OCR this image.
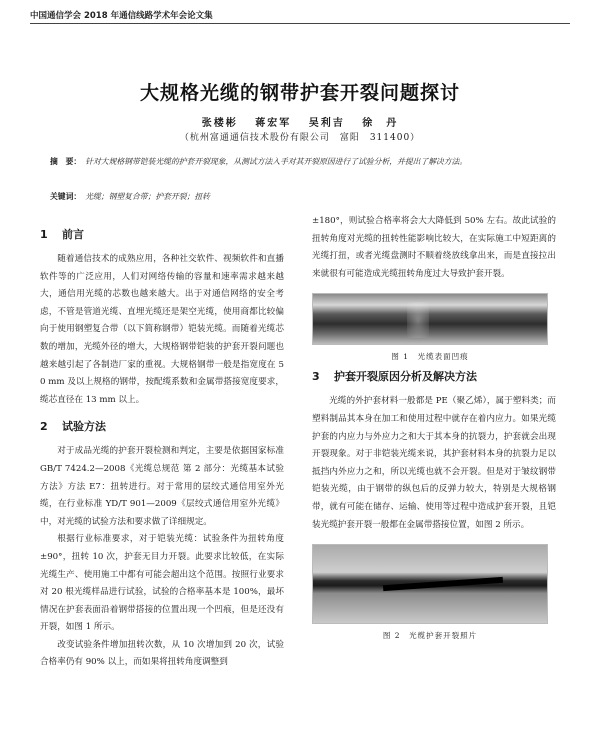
中国通信学会 2018 年通信线路学术年会论文集
大规格光缆的钢带护套开裂问题探讨
张楼彬　 蒋宏军　 吴利吉　 徐　丹
（杭州富通通信技术股份有限公司　富阳　311400）
摘　要： 针对大规格钢带铠装光缆的护套开裂现象，从测试方法入手对其开裂原因进行了试验分析，并提出了解决方法。
关键词： 光缆；钢塑复合带；护套开裂；扭转
1 前言

随着通信技术的成熟应用，各种社交软件、视频软件和直播软件等的广泛应用，人们对网络传输的容量和速率需求越来越大，通信用光缆的芯数也越来越大。出于对通信网络的安全考虑，不管是管道光缆、直埋光缆还是架空光缆，使用商都比较偏向于使用钢塑复合带（以下简称钢带）铠装光缆。而随着光缆芯数的增加，光缆外径的增大，大规格钢带铠装的护套开裂问题也越来越引起了各制造厂家的重视。大规格钢带一般是指宽度在 50 mm 及以上规格的钢带，按配缆系数和金属带搭接宽度要求，缆芯直径在 13 mm 以上。

2 试验方法

对于成品光缆的护套开裂检测和判定，主要是依据国家标准 GB/T 7424.2—2008《光缆总规范 第 2 部分：光缆基本试验方法》方法 E7：扭转进行。对于常用的层绞式通信用室外光缆，在行业标准 YD/T 901—2009《层绞式通信用室外光缆》中，对光缆的试验方法和要求做了详细规定。

根据行业标准要求，对于铠装光缆：试验条件为扭转角度 ±90°，扭转 10 次，护套无目力开裂。此要求比较低，在实际光缆生产、使用施工中都有可能会超出这个范围。按照行业要求对 20 根光缆样品进行试验，试验的合格率基本是 100%，最坏情况在护套表面沿着钢带搭接的位置出现一个凹痕，但是还没有开裂，如图 1 所示。

改变试验条件增加扭转次数，从 10 次增加到 20 次，试验合格率仍有 90% 以上，而如果将扭转角度调整到

±180°，则试验合格率将会大大降低到 50% 左右。故此试验的扭转角度对光缆的扭转性能影响比较大，在实际施工中短距离的光缆打扭，或者光缆盘测时不顺着绕放线拿出来，而是直接拉出来就很有可能造成光缆扭转角度过大导致护套开裂。

图 1　光缆表面凹痕
3 护套开裂原因分析及解决方法

光缆的外护套材料一般都是 PE（聚乙烯），属于塑料类；而塑料制品其本身在加工和使用过程中就存在着内应力。如果光缆护套的内应力与外应力之和大于其本身的抗裂力，护套就会出现开裂现象。对于非铠装光缆来说，其护套材料本身的抗裂力足以抵挡内外应力之和，所以光缆也就不会开裂。但是对于皱纹钢带铠装光缆，由于钢带的纵包后的反弹力较大，特别是大规格钢带，就有可能在储存、运输、使用等过程中造成护套开裂，且铠装光缆护套开裂一般都在金属带搭接位置，如图 2 所示。

图 2　光缆护套开裂照片
